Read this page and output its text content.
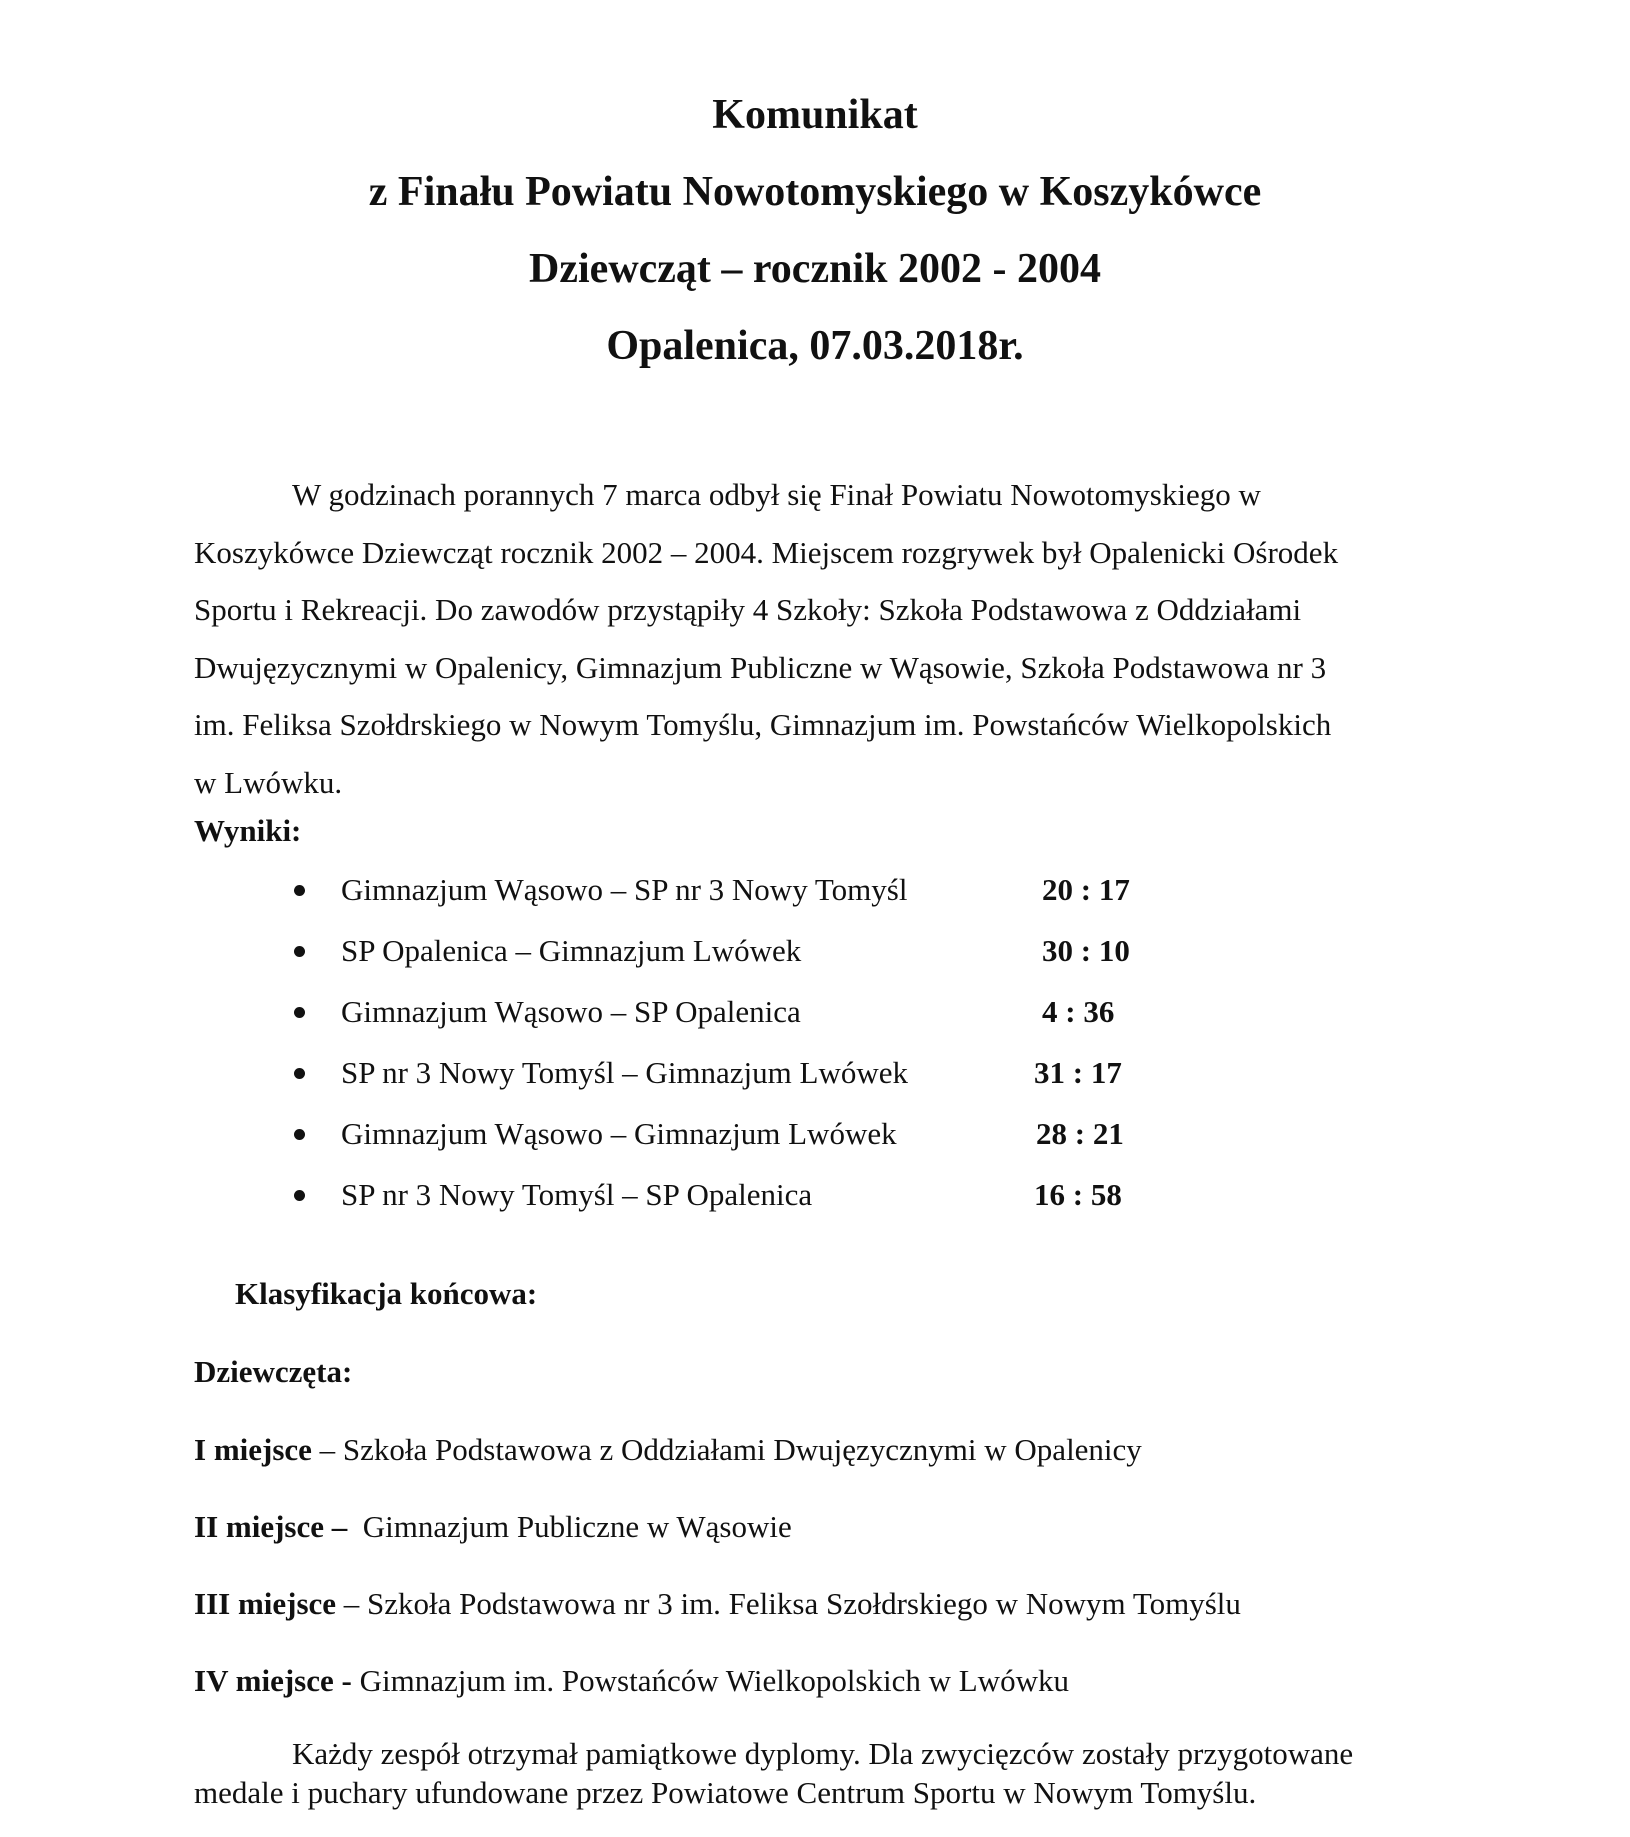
Komunikat
z Finału Powiatu Nowotomyskiego w Koszykówce
Dziewcząt – rocznik 2002 - 2004
Opalenica, 07.03.2018r.
W godzinach porannych 7 marca odbył się Finał Powiatu Nowotomyskiego w
Koszykówce Dziewcząt rocznik 2002 – 2004. Miejscem rozgrywek był Opalenicki Ośrodek
Sportu i Rekreacji. Do zawodów przystąpiły 4 Szkoły: Szkoła Podstawowa z Oddziałami
Dwujęzycznymi w Opalenicy, Gimnazjum Publiczne w Wąsowie, Szkoła Podstawowa nr 3
im. Feliksa Szołdrskiego w Nowym Tomyślu, Gimnazjum im. Powstańców Wielkopolskich
w Lwówku.
Wyniki:
Gimnazjum Wąsowo – SP nr 3 Nowy Tomyśl	20 : 17
SP Opalenica – Gimnazjum Lwówek	30 : 10
Gimnazjum Wąsowo – SP Opalenica	4 : 36
SP nr 3 Nowy Tomyśl – Gimnazjum Lwówek	31 : 17
Gimnazjum Wąsowo – Gimnazjum Lwówek	28 : 21
SP nr 3 Nowy Tomyśl – SP Opalenica	16 : 58
Klasyfikacja końcowa:
Dziewczęta:
I miejsce – Szkoła Podstawowa z Oddziałami Dwujęzycznymi w Opalenicy
II miejsce – Gimnazjum Publiczne w Wąsowie
III miejsce – Szkoła Podstawowa nr 3 im. Feliksa Szołdrskiego w Nowym Tomyślu
IV miejsce - Gimnazjum im. Powstańców Wielkopolskich w Lwówku
Każdy zespół otrzymał pamiątkowe dyplomy. Dla zwycięzców zostały przygotowane
medale i puchary ufundowane przez Powiatowe Centrum Sportu w Nowym Tomyślu.
